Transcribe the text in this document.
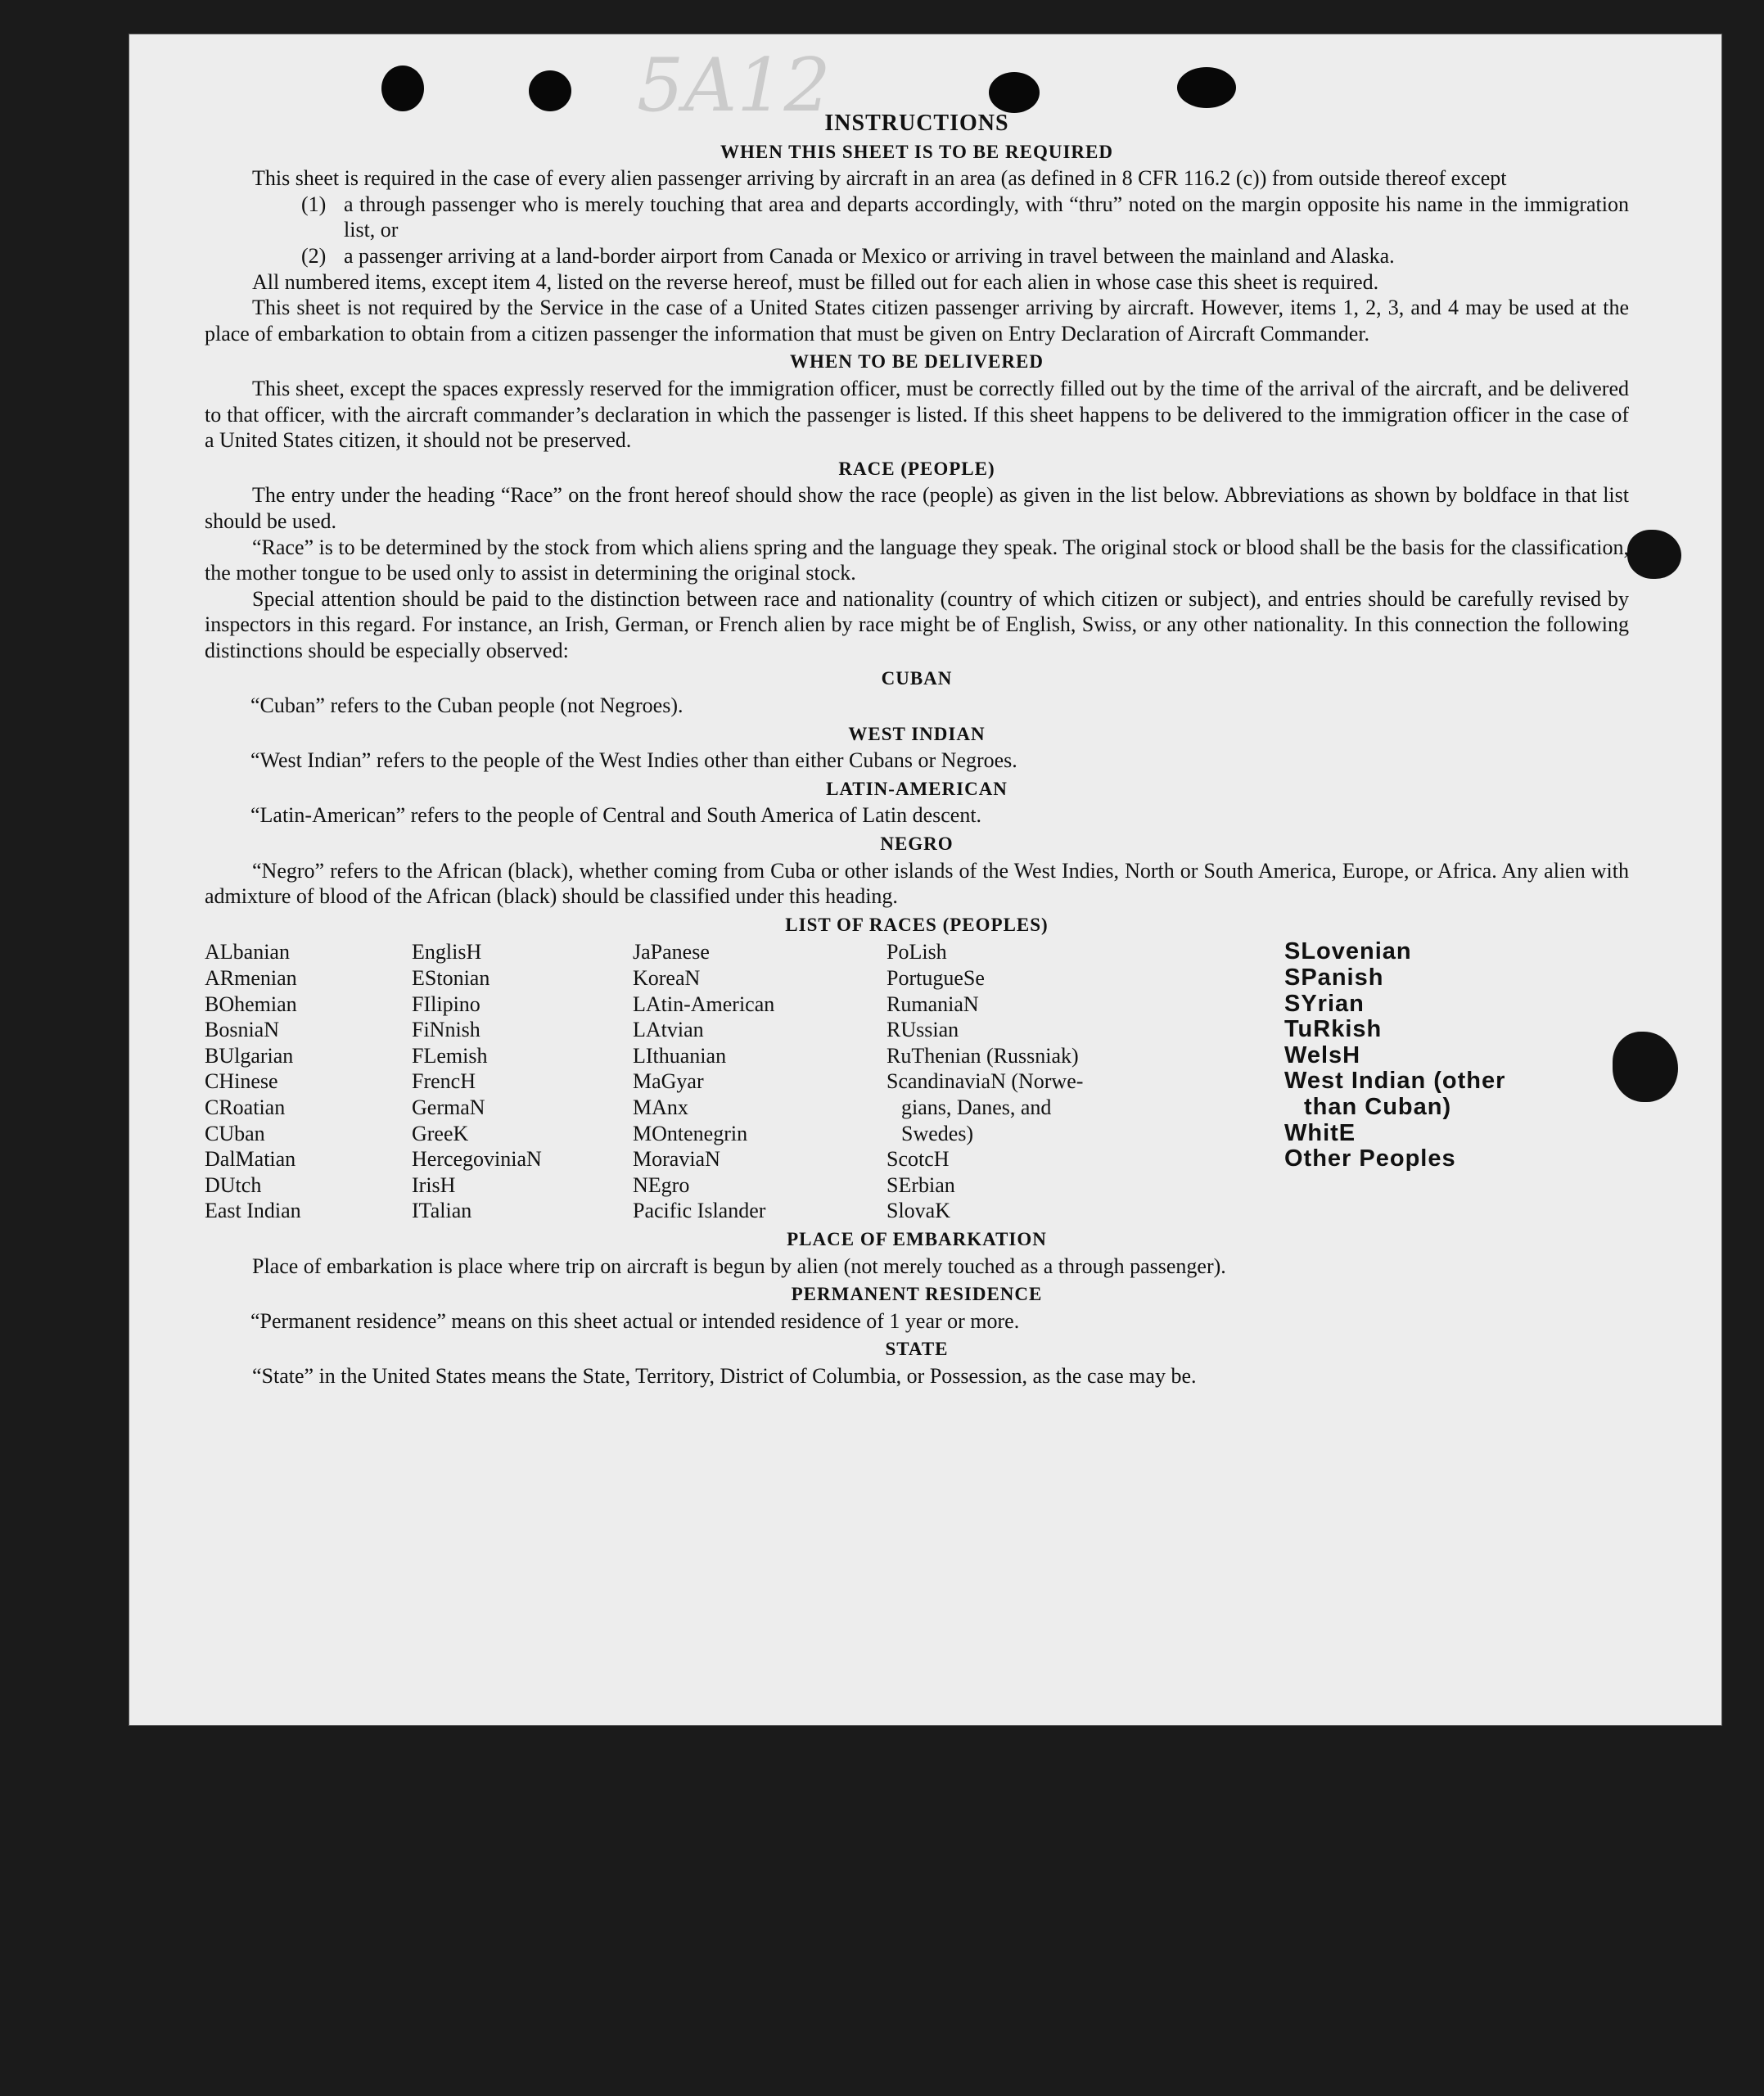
5A12
INSTRUCTIONS
WHEN THIS SHEET IS TO BE REQUIRED

This sheet is required in the case of every alien passenger arriving by aircraft in an area (as defined in 8 CFR 116.2 (c)) from outside thereof except

(1) a through passenger who is merely touching that area and departs accordingly, with “thru” noted on the margin opposite his name in the immigration list, or
(2) a passenger arriving at a land-border airport from Canada or Mexico or arriving in travel between the mainland and Alaska.

All numbered items, except item 4, listed on the reverse hereof, must be filled out for each alien in whose case this sheet is required.

This sheet is not required by the Service in the case of a United States citizen passenger arriving by aircraft. However, items 1, 2, 3, and 4 may be used at the place of embarkation to obtain from a citizen passenger the information that must be given on Entry Declaration of Aircraft Commander.

WHEN TO BE DELIVERED

This sheet, except the spaces expressly reserved for the immigration officer, must be correctly filled out by the time of the arrival of the aircraft, and be delivered to that officer, with the aircraft commander’s declaration in which the passenger is listed. If this sheet happens to be delivered to the immigration officer in the case of a United States citizen, it should not be preserved.

RACE (PEOPLE)

The entry under the heading “Race” on the front hereof should show the race (people) as given in the list below. Abbreviations as shown by boldface in that list should be used.

“Race” is to be determined by the stock from which aliens spring and the language they speak. The original stock or blood shall be the basis for the classification, the mother tongue to be used only to assist in determining the original stock.

Special attention should be paid to the distinction between race and nationality (country of which citizen or subject), and entries should be carefully revised by inspectors in this regard. For instance, an Irish, German, or French alien by race might be of English, Swiss, or any other nationality. In this connection the following distinctions should be especially observed:

CUBAN

“Cuban” refers to the Cuban people (not Negroes).

WEST INDIAN

“West Indian” refers to the people of the West Indies other than either Cubans or Negroes.

LATIN-AMERICAN

“Latin-American” refers to the people of Central and South America of Latin descent.

NEGRO

“Negro” refers to the African (black), whether coming from Cuba or other islands of the West Indies, North or South America, Europe, or Africa. Any alien with admixture of blood of the African (black) should be classified under this heading.

LIST OF RACES (PEOPLES)
ALbanian
ARmenian
BOhemian
BosniaN
BUlgarian
CHinese
CRoatian
CUban
DalMatian
DUtch
East Indian
EnglisH
EStonian
FIlipino
FiNnish
FLemish
FrencH
GermaN
GreeK
HercegoviniaN
IrisH
ITalian
JaPanese
KoreaN
LAtin-American
LAtvian
LIthuanian
MaGyar
MAnx
MOntenegrin
MoraviaN
NEgro
Pacific Islander
PoLish
PortugueSe
RumaniaN
RUssian
RuThenian (Russniak)
ScandinaviaN (Norwe-
gians, Danes, and
Swedes)
ScotcH
SErbian
SlovaK
SLovenian
SPanish
SYrian
TuRkish
WelsH
West Indian (other
than Cuban)
WhitE
Other Peoples
PLACE OF EMBARKATION

Place of embarkation is place where trip on aircraft is begun by alien (not merely touched as a through passenger).

PERMANENT RESIDENCE

“Permanent residence” means on this sheet actual or intended residence of 1 year or more.

STATE

“State” in the United States means the State, Territory, District of Columbia, or Possession, as the case may be.
